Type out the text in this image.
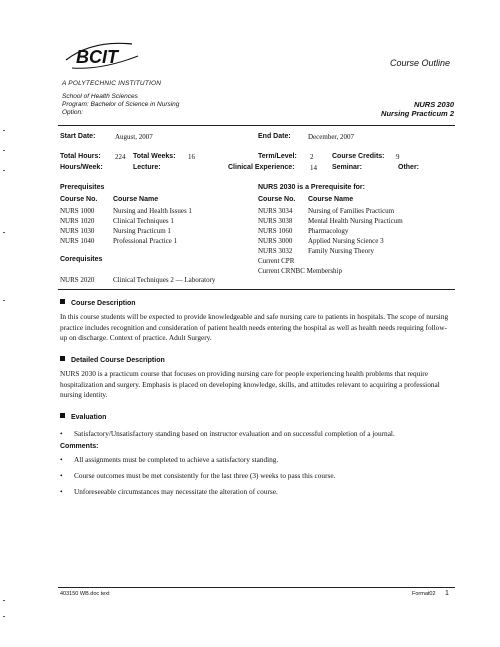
BCIT
A POLYTECHNIC INSTITUTION
Course Outline
School of Health Sciences
Program: Bachelor of Science in Nursing
Option:
NURS 2030
Nursing Practicum 2
Start Date:	August, 2007	End Date: December, 2007
Total Hours: 224 Total Weeks: 16	Term/Level: 2	Course Credits: 9
Hours/Week:	Lecture:	Clinical Experience: 14 Seminar:	Other:
Prerequisites
Course No. Course Name
NURS 1000	Nursing and Health Issues 1
NURS 1020	Clinical Techniques 1
NURS 1030	Nursing Practicum 1
NURS 1040	Professional Practice 1
Corequisites
NURS 2020	Clinical Techniques 2 — Laboratory
NURS 2030 is a Prerequisite for:
Course No. Course Name
NURS 3034 Nursing of Families Practicum
NURS 3038 Mental Health Nursing Practicum
NURS 1060 Pharmacology
NURS 3000 Applied Nursing Science 3
NURS 3032 Family Nursing Theory
Current CPR
Current CRNBC Membership
Course Description
In this course students will be expected to provide knowledgeable and safe nursing care to patients in hospitals. The scope of nursing practice includes recognition and consideration of patient health needs entering the hospital as well as health needs requiring follow-up on discharge. Context of practice. Adult Surgery.
Detailed Course Description
NURS 2030 is a practicum course that focuses on providing nursing care for people experiencing health problems that require hospitalization and surgery. Emphasis is placed on developing knowledge, skills, and attitudes relevant to acquiring a professional nursing identity.
Evaluation
• Satisfactory/Unsatisfactory standing based on instructor evaluation and on successful completion of a journal.
Comments:
• All assignments must be completed to achieve a satisfactory standing.
• Course outcomes must be met consistently for the last three (3) weeks to pass this course.
• Unforeseeable circumstances may necessitate the alteration of course.
403150 WB.doc text	Format02 1
